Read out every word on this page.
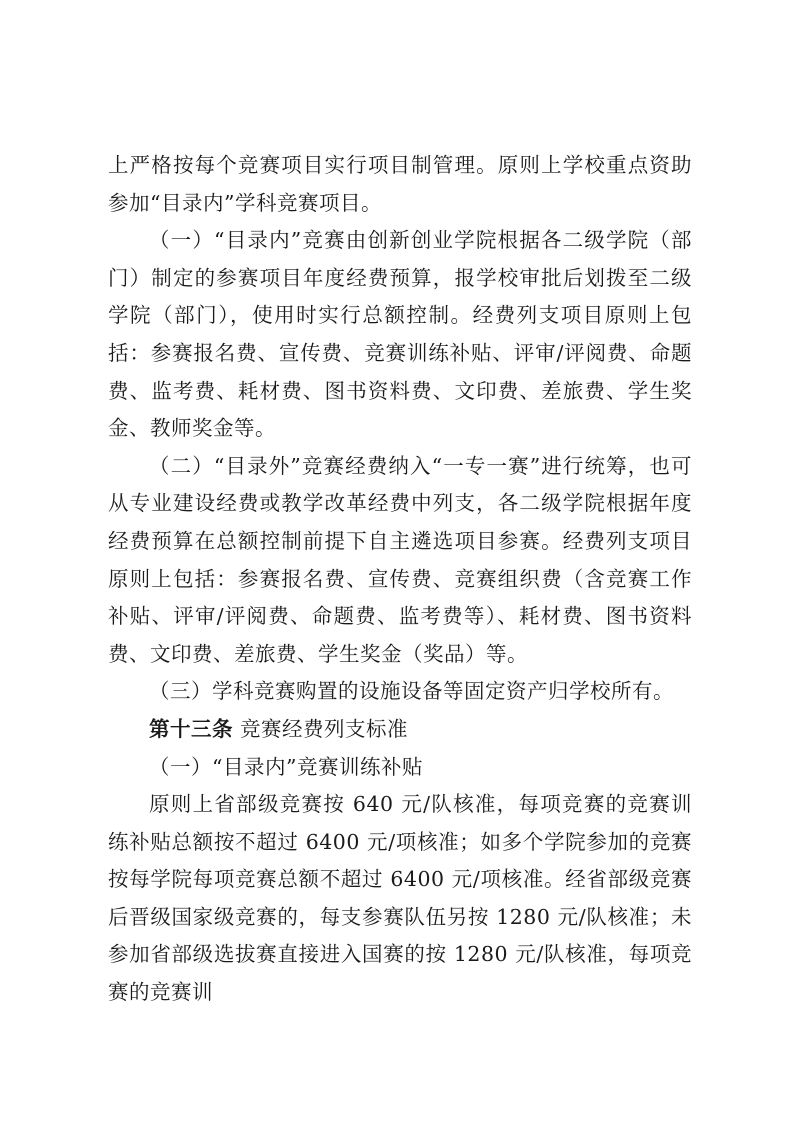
上严格按每个竞赛项目实行项目制管理。原则上学校重点资助参加“目录内”学科竞赛项目。

（一）“目录内”竞赛由创新创业学院根据各二级学院（部门）制定的参赛项目年度经费预算，报学校审批后划拨至二级学院（部门），使用时实行总额控制。经费列支项目原则上包括：参赛报名费、宣传费、竞赛训练补贴、评审/评阅费、命题费、监考费、耗材费、图书资料费、文印费、差旅费、学生奖金、教师奖金等。

（二）“目录外”竞赛经费纳入“一专一赛”进行统筹，也可从专业建设经费或教学改革经费中列支，各二级学院根据年度经费预算在总额控制前提下自主遴选项目参赛。经费列支项目原则上包括：参赛报名费、宣传费、竞赛组织费（含竞赛工作补贴、评审/评阅费、命题费、监考费等）、耗材费、图书资料费、文印费、差旅费、学生奖金（奖品）等。

（三）学科竞赛购置的设施设备等固定资产归学校所有。

第十三条 竞赛经费列支标准

（一）“目录内”竞赛训练补贴

原则上省部级竞赛按 640 元/队核准，每项竞赛的竞赛训练补贴总额按不超过 6400 元/项核准；如多个学院参加的竞赛按每学院每项竞赛总额不超过 6400 元/项核准。经省部级竞赛后晋级国家级竞赛的，每支参赛队伍另按 1280 元/队核准；未参加省部级选拔赛直接进入国赛的按 1280 元/队核准，每项竞赛的竞赛训
